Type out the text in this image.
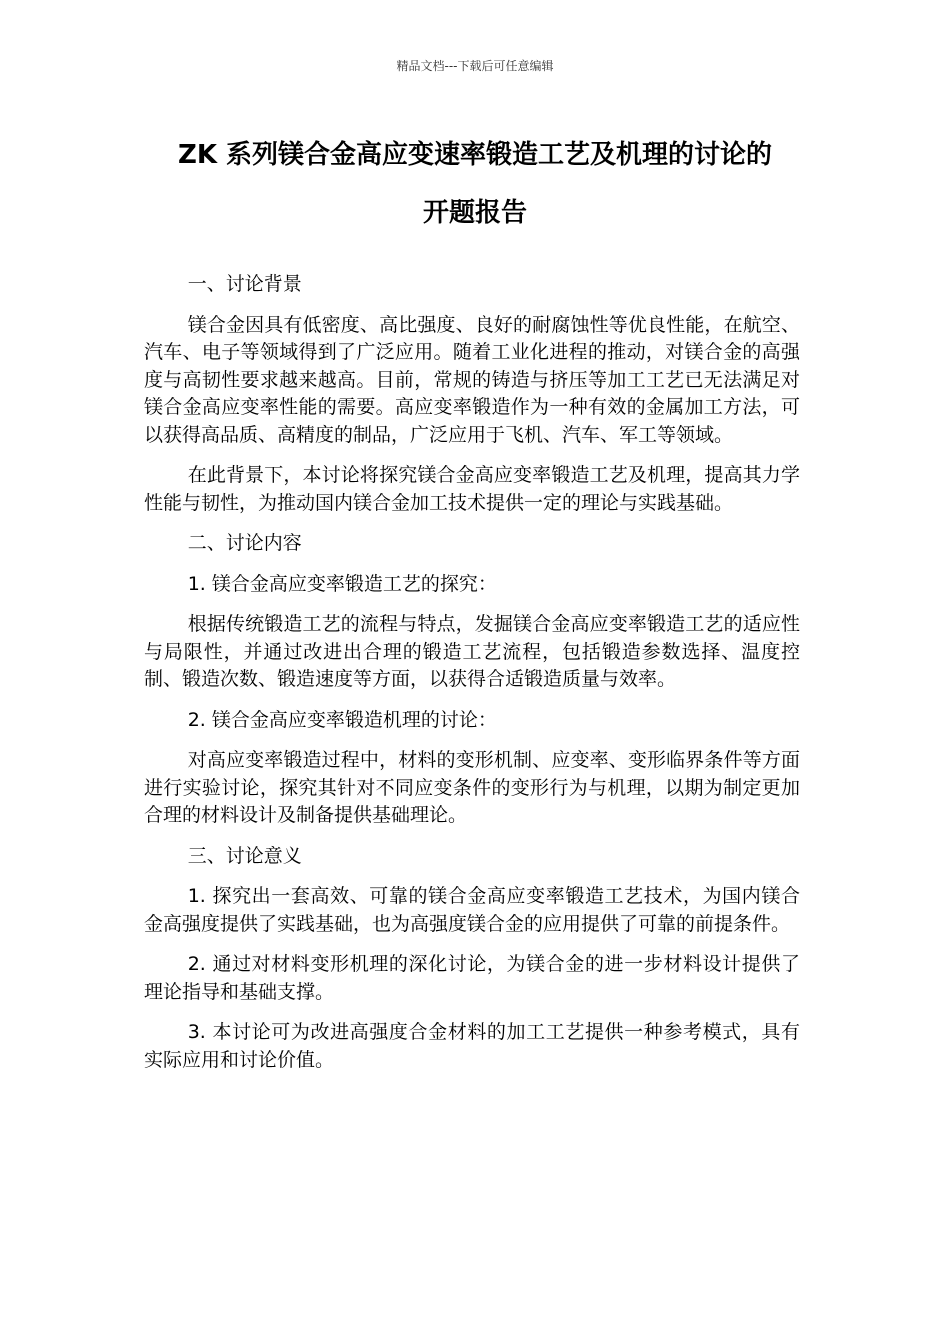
精品文档---下载后可任意编辑
ZK 系列镁合金高应变速率锻造工艺及机理的讨论的
开题报告

一、讨论背景

镁合金因具有低密度、高比强度、良好的耐腐蚀性等优良性能，在航空、汽车、电子等领域得到了广泛应用。随着工业化进程的推动，对镁合金的高强度与高韧性要求越来越高。目前，常规的铸造与挤压等加工工艺已无法满足对镁合金高应变率性能的需要。高应变率锻造作为一种有效的金属加工方法，可以获得高品质、高精度的制品，广泛应用于飞机、汽车、军工等领域。

在此背景下，本讨论将探究镁合金高应变率锻造工艺及机理，提高其力学性能与韧性，为推动国内镁合金加工技术提供一定的理论与实践基础。

二、讨论内容

1. 镁合金高应变率锻造工艺的探究：

根据传统锻造工艺的流程与特点，发掘镁合金高应变率锻造工艺的适应性与局限性，并通过改进出合理的锻造工艺流程，包括锻造参数选择、温度控制、锻造次数、锻造速度等方面，以获得合适锻造质量与效率。

2. 镁合金高应变率锻造机理的讨论：

对高应变率锻造过程中，材料的变形机制、应变率、变形临界条件等方面进行实验讨论，探究其针对不同应变条件的变形行为与机理，以期为制定更加合理的材料设计及制备提供基础理论。

三、讨论意义

1. 探究出一套高效、可靠的镁合金高应变率锻造工艺技术，为国内镁合金高强度提供了实践基础，也为高强度镁合金的应用提供了可靠的前提条件。

2. 通过对材料变形机理的深化讨论，为镁合金的进一步材料设计提供了理论指导和基础支撑。

3. 本讨论可为改进高强度合金材料的加工工艺提供一种参考模式，具有实际应用和讨论价值。
